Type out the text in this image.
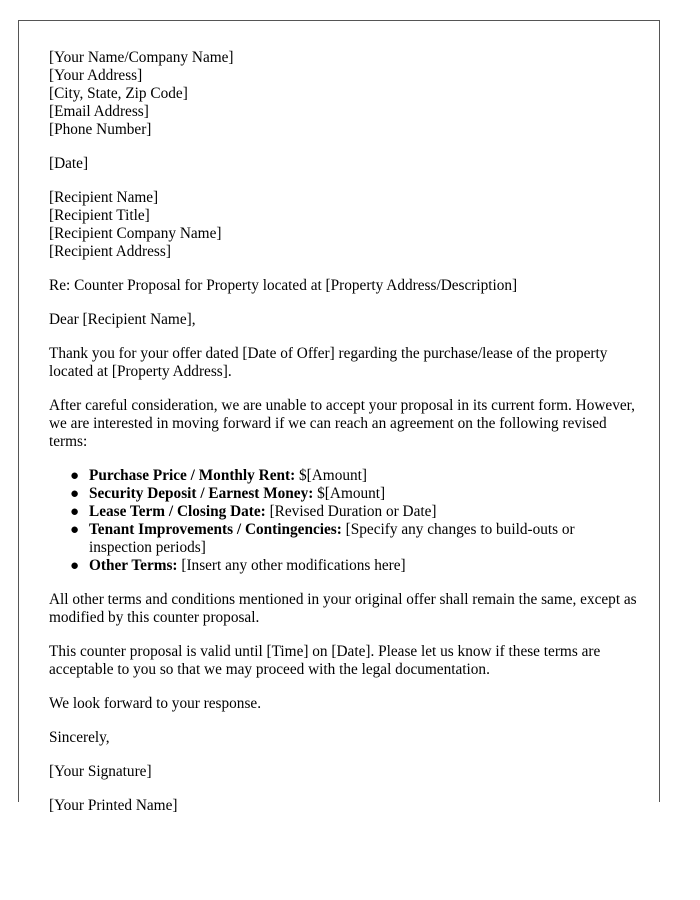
[Your Name/Company Name]
[Your Address]
[City, State, Zip Code]
[Email Address]
[Phone Number]

[Date]

[Recipient Name]
[Recipient Title]
[Recipient Company Name]
[Recipient Address]

Re: Counter Proposal for Property located at [Property Address/Description]

Dear [Recipient Name],

Thank you for your offer dated [Date of Offer] regarding the purchase/lease of the property located at [Property Address].

After careful consideration, we are unable to accept your proposal in its current form. However, we are interested in moving forward if we can reach an agreement on the following revised terms:

● Purchase Price / Monthly Rent: $[Amount]
● Security Deposit / Earnest Money: $[Amount]
● Lease Term / Closing Date: [Revised Duration or Date]
● Tenant Improvements / Contingencies: [Specify any changes to build-outs or inspection periods]
● Other Terms: [Insert any other modifications here]

All other terms and conditions mentioned in your original offer shall remain the same, except as modified by this counter proposal.

This counter proposal is valid until [Time] on [Date]. Please let us know if these terms are acceptable to you so that we may proceed with the legal documentation.

We look forward to your response.

Sincerely,

[Your Signature]

[Your Printed Name]
